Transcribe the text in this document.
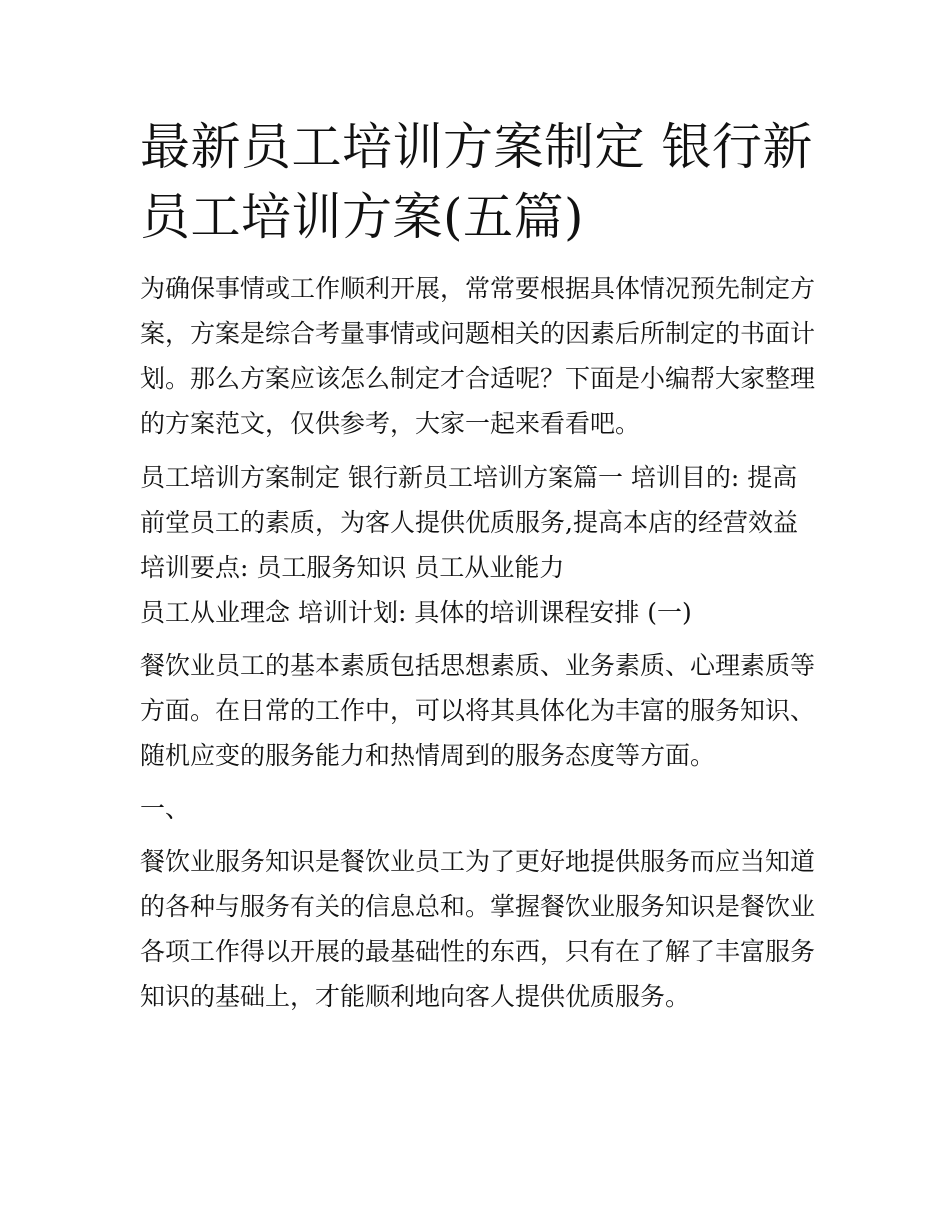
最新员工培训方案制定 银行新
员工培训方案(五篇)

为确保事情或工作顺利开展，常常要根据具体情况预先制定方
案，方案是综合考量事情或问题相关的因素后所制定的书面计
划。那么方案应该怎么制定才合适呢？下面是小编帮大家整理
的方案范文，仅供参考，大家一起来看看吧。

员工培训方案制定 银行新员工培训方案篇一 培训目的: 提高
前堂员工的素质，为客人提供优质服务,提高本店的经营效益
培训要点: 员工服务知识 员工从业能力
员工从业理念 培训计划: 具体的培训课程安排 (一)

餐饮业员工的基本素质包括思想素质、业务素质、心理素质等
方面。在日常的工作中，可以将其具体化为丰富的服务知识、
随机应变的服务能力和热情周到的服务态度等方面。

一、

餐饮业服务知识是餐饮业员工为了更好地提供服务而应当知道
的各种与服务有关的信息总和。掌握餐饮业服务知识是餐饮业
各项工作得以开展的最基础性的东西，只有在了解了丰富服务
知识的基础上，才能顺利地向客人提供优质服务。
